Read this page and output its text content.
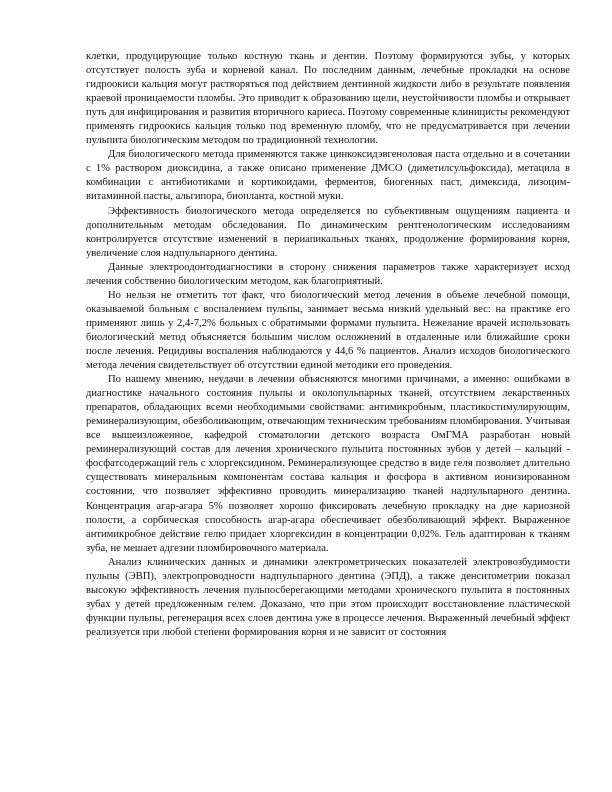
клетки, продуцирующие только костную ткань и дентин. Поэтому формируются зубы, у которых отсутствует полость зуба и корневой канал. По последним данным, лечебные прокладки на основе гидроокиси кальция могут растворяться под действием дентинной жидкости либо в результате появления краевой проницаемости пломбы. Это приводит к образованию щели, неустойчивости пломбы и открывает путь для инфицирования и развития вторичного кариеса. Поэтому современные клиницисты рекомендуют применять гидроокись кальция только под временную пломбу, что не предусматривается при лечении пульпита биологическим методом по традиционной технологии.

Для биологического метода применяются также цинкоксидэвгеноловая паста отдельно и в сочетании с 1% раствором диоксидина, а также описано применение ДМСО (диметилсульфоксида), метацила в комбинации с антибиотиками и кортикоидами, ферментов, биогенных паст, димексида, лизоцим-витаминной пасты, альгипора, биопланта, костной муки.

Эффективность биологического метода определяется по субъективным ощущениям пациента и дополнительным методам обследования. По динамическим рентгенологическим исследованиям контролируется отсутствие изменений в периапикальных тканях, продолжение формирования корня, увеличение слоя надпульпарного дентина.

Данные электроодонтодиагностики в сторону снижения параметров также характеризует исход лечения собственно биологическим методом, как благоприятный.

Но нельзя не отметить тот факт, что биологический метод лечения в объеме лечебной помощи, оказываемой больным с воспалением пульпы, занимает весьма низкий удельный вес: на практике его применяют лишь у 2,4-7,2% больных с обратимыми формами пульпита. Нежелание врачей использовать биологический метод объясняется большим числом осложнений в отдаленные или ближайшие сроки после лечения. Рецидивы воспаления наблюдаются у 44,6 % пациентов. Анализ исходов биологического метода лечения свидетельствует об отсутствии единой методики его проведения.

По нашему мнению, неудачи в лечении объясняются многими причинами, а именно: ошибками в диагностике начального состояния пульпы и околопульпарных тканей, отсутствием лекарственных препаратов, обладающих всеми необходимыми свойствами: антимикробным, пластикостимулирующим, реминерализующим, обезболивающим, отвечающим техническим требованиям пломбирования. Учитывая все вышеизложенное, кафедрой стоматологии детского возраста ОмГМА разработан новый реминерализующий состав для лечения хронического пульпита постоянных зубов у детей – кальций - фосфатсодержащий гель с хлоргексидином. Реминерализующее средство в виде геля позволяет длительно существовать минеральным компонентам состава кальция и фосфора в активном ионизированном состоянии, что позволяет эффективно проводить минерализацию тканей надпульпарного дентина. Концентрация агар-агара 5% позволяет хорошо фиксировать лечебную прокладку на дне кариозной полости, а сорбическая способность агар-агара обеспечивает обезболивающий эффект. Выраженное антимикробное действие гелю придает хлоргексидин в концентрации 0,02%. Гель адаптирован к тканям зуба, не мешает адгезии пломбировочного материала.

Анализ клинических данных и динамики электрометрических показателей электровозбудимости пульпы (ЭВП), электропроводности надпульпарного дентина (ЭПД), а также денситометрии показал высокую эффективность лечения пульпосберегающими методами хронического пульпита в постоянных зубах у детей предложенным гелем. Доказано, что при этом происходит восстановление пластической функции пульпы, регенерация всех слоев дентина уже в процессе лечения. Выраженный лечебный эффект реализуется при любой степени формирования корня и не зависит от состояния
